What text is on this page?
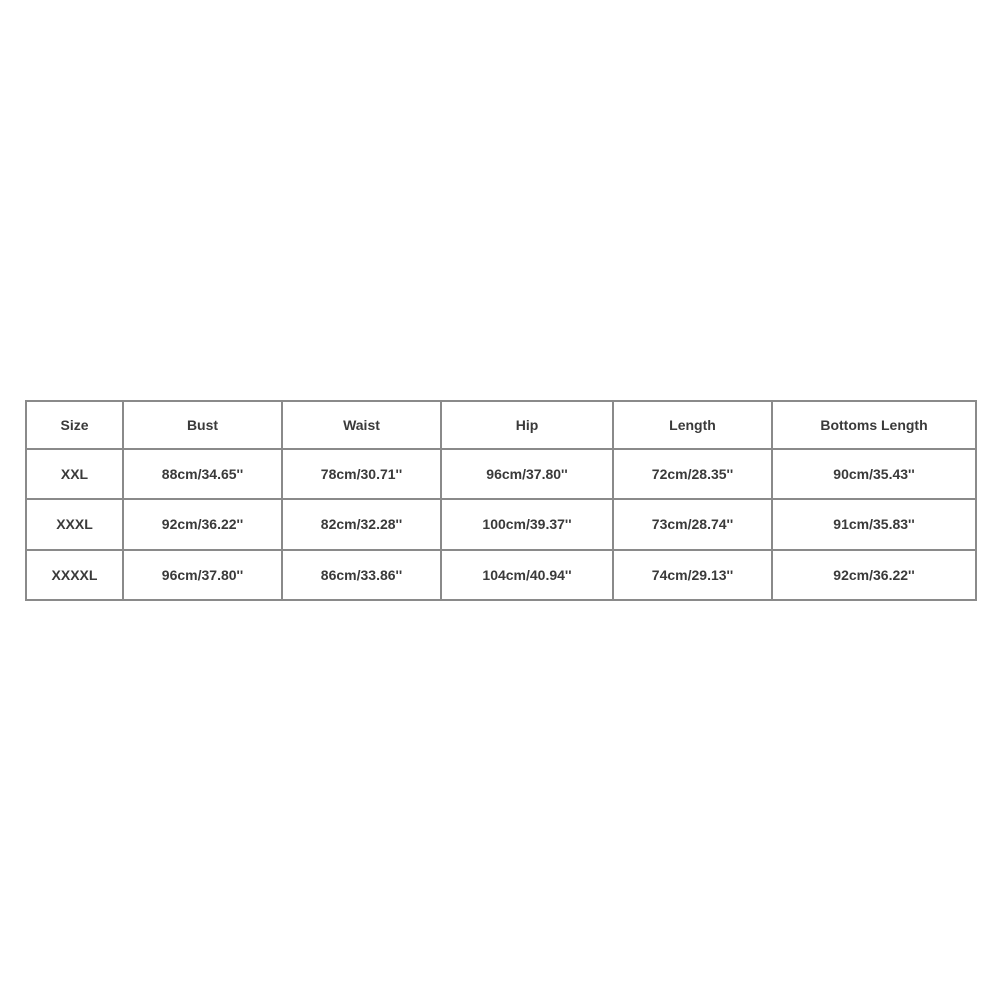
Size	Bust	Waist	Hip	Length	Bottoms Length
XXL	88cm/34.65''	78cm/30.71''	96cm/37.80''	72cm/28.35''	90cm/35.43''
XXXL	92cm/36.22''	82cm/32.28''	100cm/39.37''	73cm/28.74''	91cm/35.83''
XXXXL	96cm/37.80''	86cm/33.86''	104cm/40.94''	74cm/29.13''	92cm/36.22''
